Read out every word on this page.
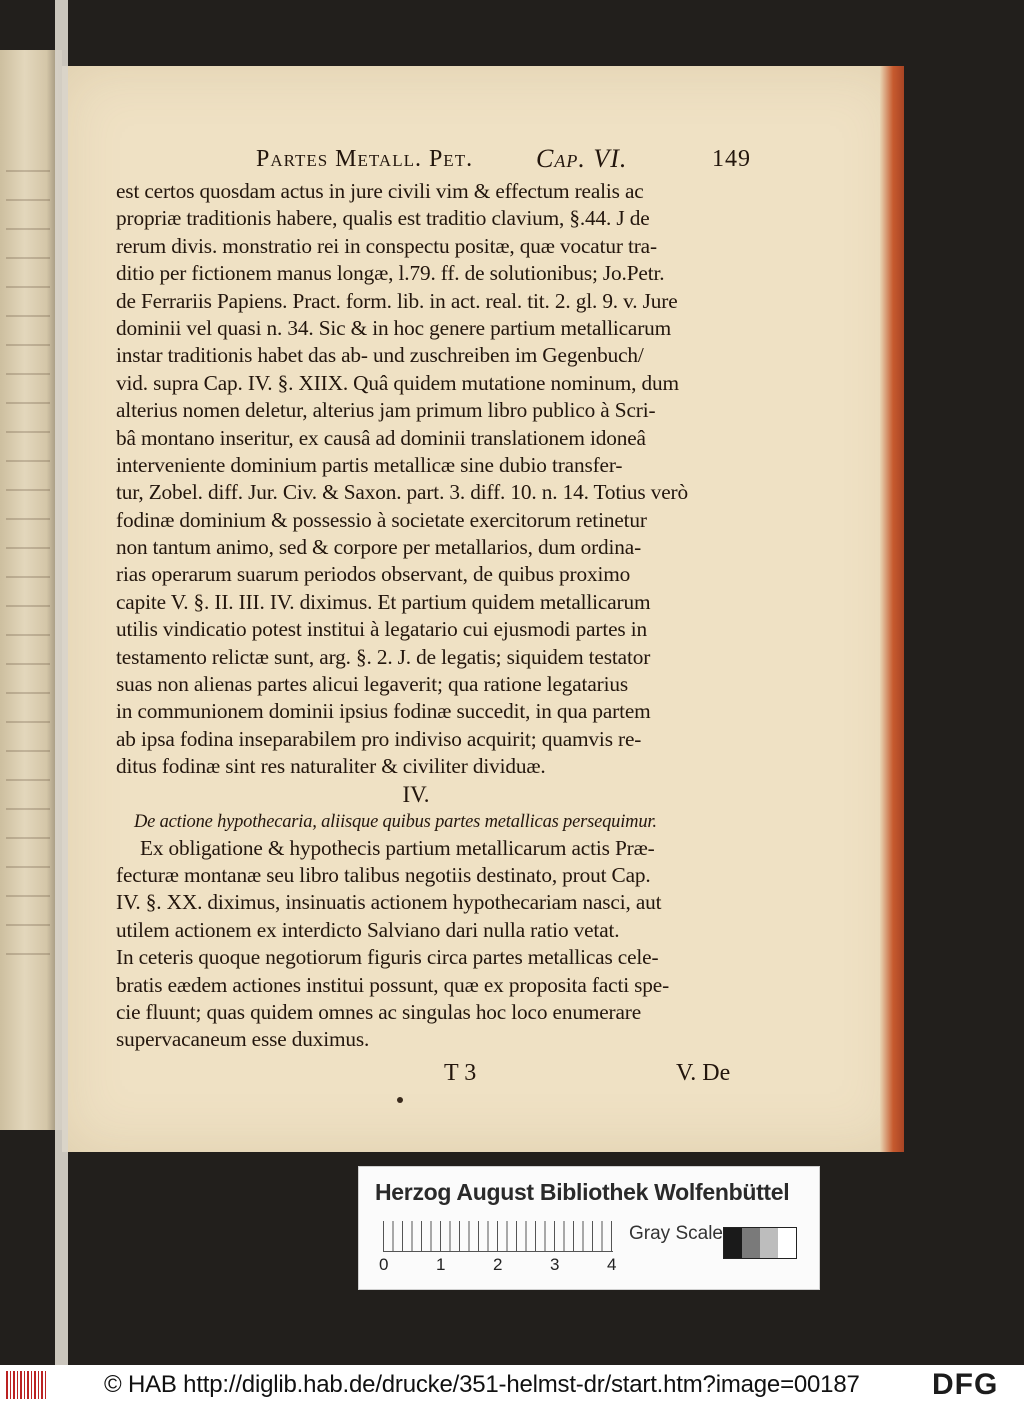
Partes Metall. Pet. Cap. VI.	149
est certos quosdam actus in jure civili vim & effectum realis ac
propriæ traditionis habere, qualis est traditio clavium, §.44. J de
rerum divis. monstratio rei in conspectu positæ, quæ vocatur tra-
ditio per fictionem manus longæ, l.79. ff. de solutionibus; Jo.Petr.
de Ferrariis Papiens. Pract. form. lib. in act. real. tit. 2. gl. 9. v. Jure
dominii vel quasi n. 34. Sic & in hoc genere partium metallicarum
instar traditionis habet das ab- und zuschreiben im Gegenbuch/
vid. supra Cap. IV. §. XIIX. Quâ quidem mutatione nominum, dum
alterius nomen deletur, alterius jam primum libro publico à Scri-
bâ montano inseritur, ex causâ ad dominii translationem idoneâ
interveniente dominium partis metallicæ sine dubio transfer-
tur, Zobel. diff. Jur. Civ. & Saxon. part. 3. diff. 10. n. 14. Totius verò
fodinæ dominium & possessio à societate exercitorum retinetur
non tantum animo, sed & corpore per metallarios, dum ordina-
rias operarum suarum periodos observant, de quibus proximo
capite V. §. II. III. IV. diximus. Et partium quidem metallicarum
utilis vindicatio potest institui à legatario cui ejusmodi partes in
testamento relictæ sunt, arg. §. 2. J. de legatis; siquidem testator
suas non alienas partes alicui legaverit; qua ratione legatarius
in communionem dominii ipsius fodinæ succedit, in qua partem
ab ipsa fodina inseparabilem pro indiviso acquirit; quamvis re-
ditus fodinæ sint res naturaliter & civiliter dividuæ.
IV.
De actione hypothecaria, aliisque quibus partes metallicas persequimur.
Ex obligatione & hypothecis partium metallicarum actis Præ-
fecturæ montanæ seu libro talibus negotiis destinato, prout Cap.
IV. §. XX. diximus, insinuatis actionem hypothecariam nasci, aut
utilem actionem ex interdicto Salviano dari nulla ratio vetat.
In ceteris quoque negotiorum figuris circa partes metallicas cele-
bratis eædem actiones institui possunt, quæ ex proposita facti spe-
cie fluunt; quas quidem omnes ac singulas hoc loco enumerare
supervacaneum esse duximus.
T 3	V. De
Herzog August Bibliothek Wolfenbüttel
0	1	2	3	4
Gray Scale
© HAB http://diglib.hab.de/drucke/351-helmst-dr/start.htm?image=00187 DFG
